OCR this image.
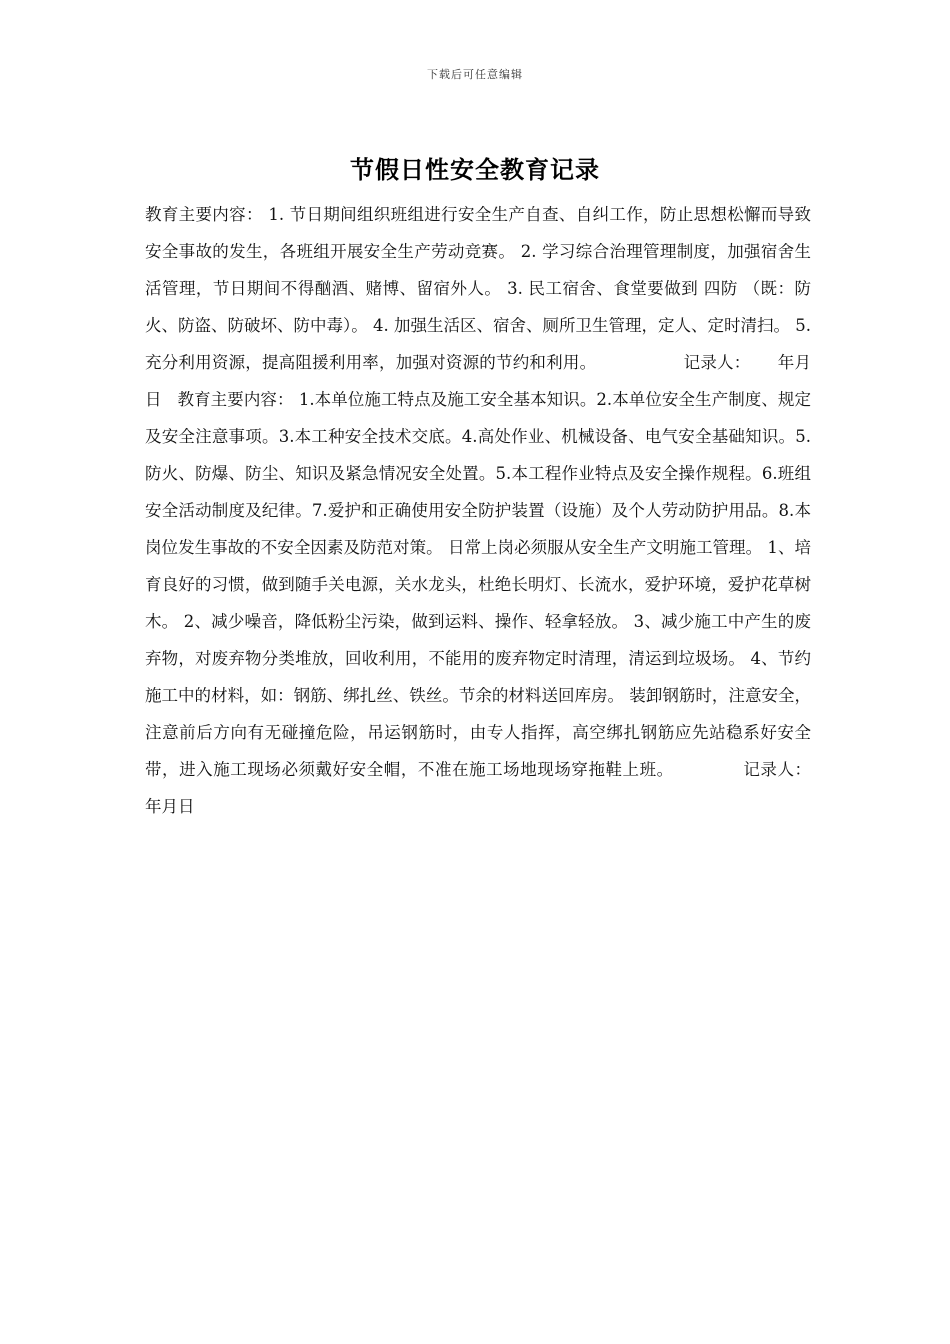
下载后可任意编辑
节假日性安全教育记录
教育主要内容： 1. 节日期间组织班组进行安全生产自查、自纠工作，防止思想松懈而导致安全事故的发生，各班组开展安全生产劳动竞赛。 2. 学习综合治理管理制度，加强宿舍生活管理，节日期间不得酗酒、赌博、留宿外人。 3. 民工宿舍、食堂要做到 四防 （既：防火、防盗、防破坏、防中毒）。 4. 加强生活区、宿舍、厕所卫生管理，定人、定时清扫。 5. 充分利用资源，提高阻援利用率，加强对资源的节约和利用。	记录人： 年月日 教育主要内容： 1.本单位施工特点及施工安全基本知识。2.本单位安全生产制度、规定及安全注意事项。3.本工种安全技术交底。4.高处作业、机械设备、电气安全基础知识。5.防火、防爆、防尘、知识及紧急情况安全处置。5.本工程作业特点及安全操作规程。6.班组安全活动制度及纪律。7.爱护和正确使用安全防护装置（设施）及个人劳动防护用品。8.本岗位发生事故的不安全因素及防范对策。 日常上岗必须服从安全生产文明施工管理。 1、培育良好的习惯，做到随手关电源，关水龙头，杜绝长明灯、长流水，爱护环境，爱护花草树木。 2、减少噪音，降低粉尘污染，做到运料、操作、轻拿轻放。 3、减少施工中产生的废弃物，对废弃物分类堆放，回收利用，不能用的废弃物定时清理，清运到垃圾场。 4、节约施工中的材料，如：钢筋、绑扎丝、铁丝。节余的材料送回库房。 装卸钢筋时，注意安全，注意前后方向有无碰撞危险，吊运钢筋时，由专人指挥，高空绑扎钢筋应先站稳系好安全带，进入施工现场必须戴好安全帽，不准在施工场地现场穿拖鞋上班。	记录人：     年月日
